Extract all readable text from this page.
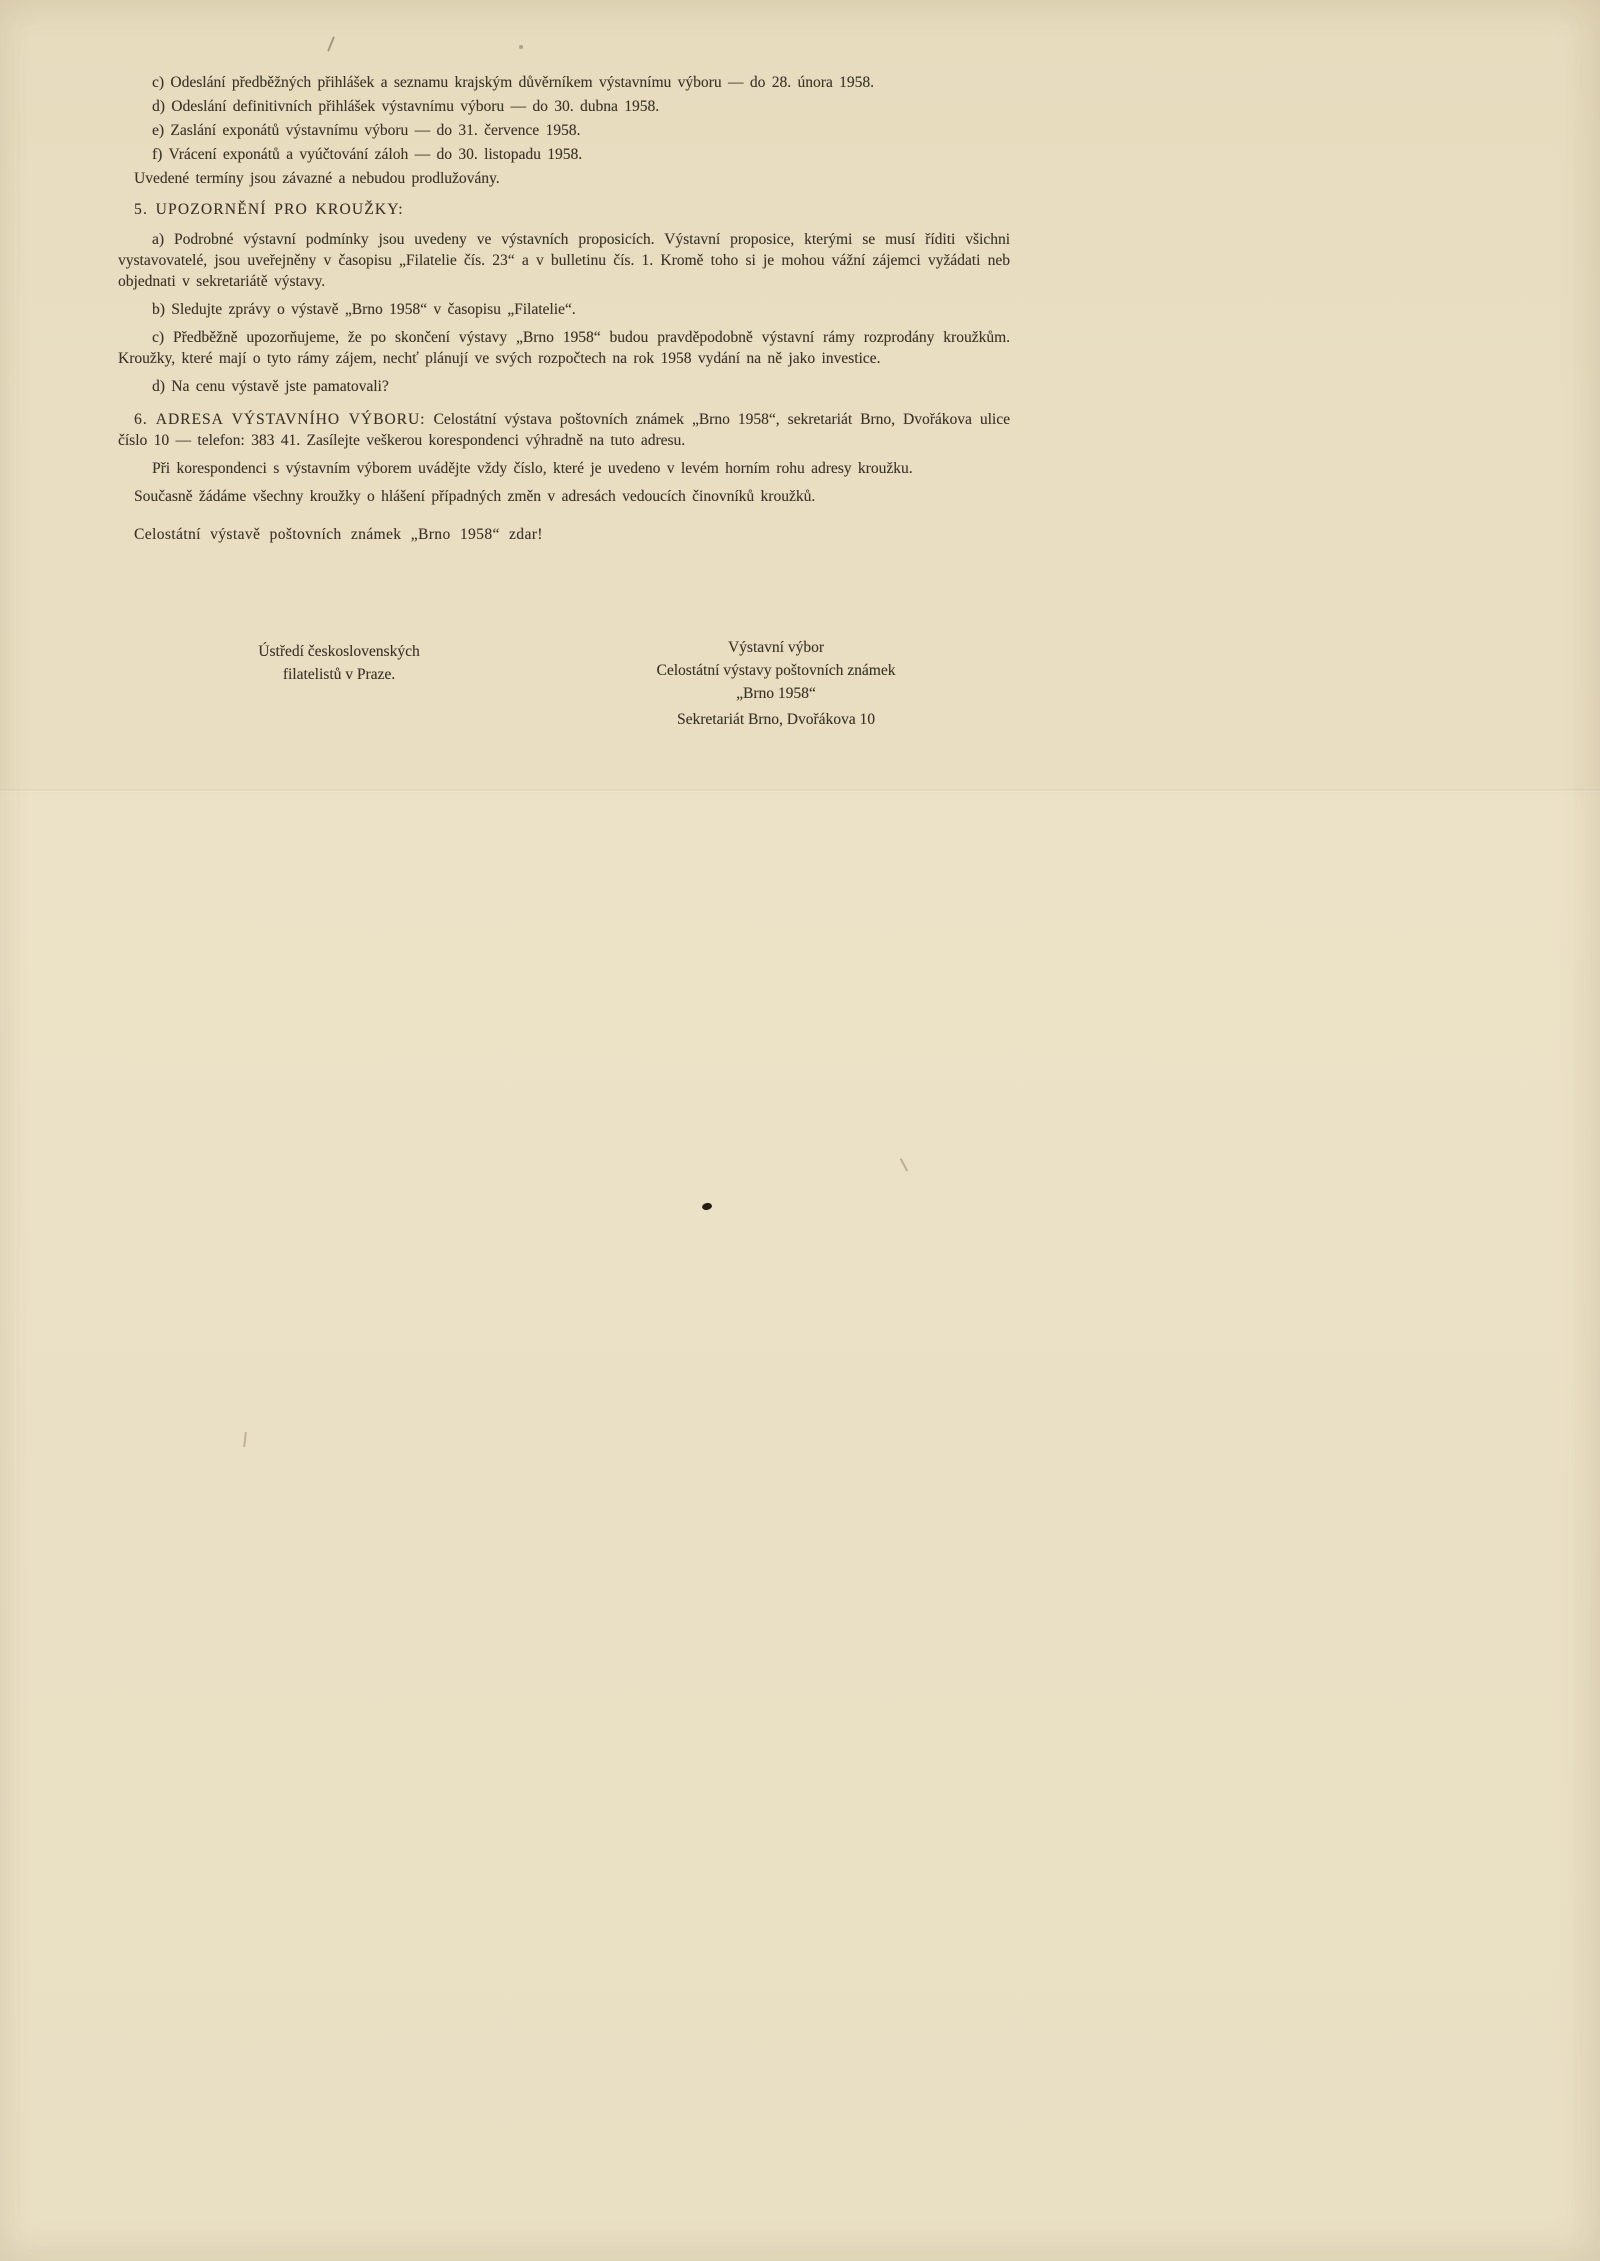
c) Odeslání předběžných přihlášek a seznamu krajským důvěrníkem výstavnímu výboru — do 28. února 1958.

d) Odeslání definitivních přihlášek výstavnímu výboru — do 30. dubna 1958.

e) Zaslání exponátů výstavnímu výboru — do 31. července 1958.

f) Vrácení exponátů a vyúčtování záloh — do 30. listopadu 1958.

Uvedené termíny jsou závazné a nebudou prodlužovány.

5. UPOZORNĚNÍ PRO KROUŽKY:

a) Podrobné výstavní podmínky jsou uvedeny ve výstavních proposicích. Výstavní proposice, kterými se musí říditi všichni vystavovatelé, jsou uveřejněny v časopisu „Filatelie čís. 23“ a v bulletinu čís. 1. Kromě toho si je mohou vážní zájemci vyžádati neb objednati v sekretariátě výstavy.

b) Sledujte zprávy o výstavě „Brno 1958“ v časopisu „Filatelie“.

c) Předběžně upozorňujeme, že po skončení výstavy „Brno 1958“ budou pravděpodobně výstavní rámy rozprodány kroužkům. Kroužky, které mají o tyto rámy zájem, nechť plánují ve svých rozpočtech na rok 1958 vydání na ně jako investice.

d) Na cenu výstavě jste pamatovali?

6. ADRESA VÝSTAVNÍHO VÝBORU: Celostátní výstava poštovních známek „Brno 1958“, sekretariát Brno, Dvořákova ulice číslo 10 — telefon: 383 41. Zasílejte veškerou korespondenci výhradně na tuto adresu.

Při korespondenci s výstavním výborem uvádějte vždy číslo, které je uvedeno v levém horním rohu adresy kroužku.

Současně žádáme všechny kroužky o hlášení případných změn v adresách vedoucích činovníků kroužků.

Celostátní výstavě poštovních známek „Brno 1958“ zdar!

Ústředí československých
filatelistů v Praze.
Výstavní výbor
Celostátní výstavy poštovních známek
„Brno 1958“
Sekretariát Brno, Dvořákova 10
